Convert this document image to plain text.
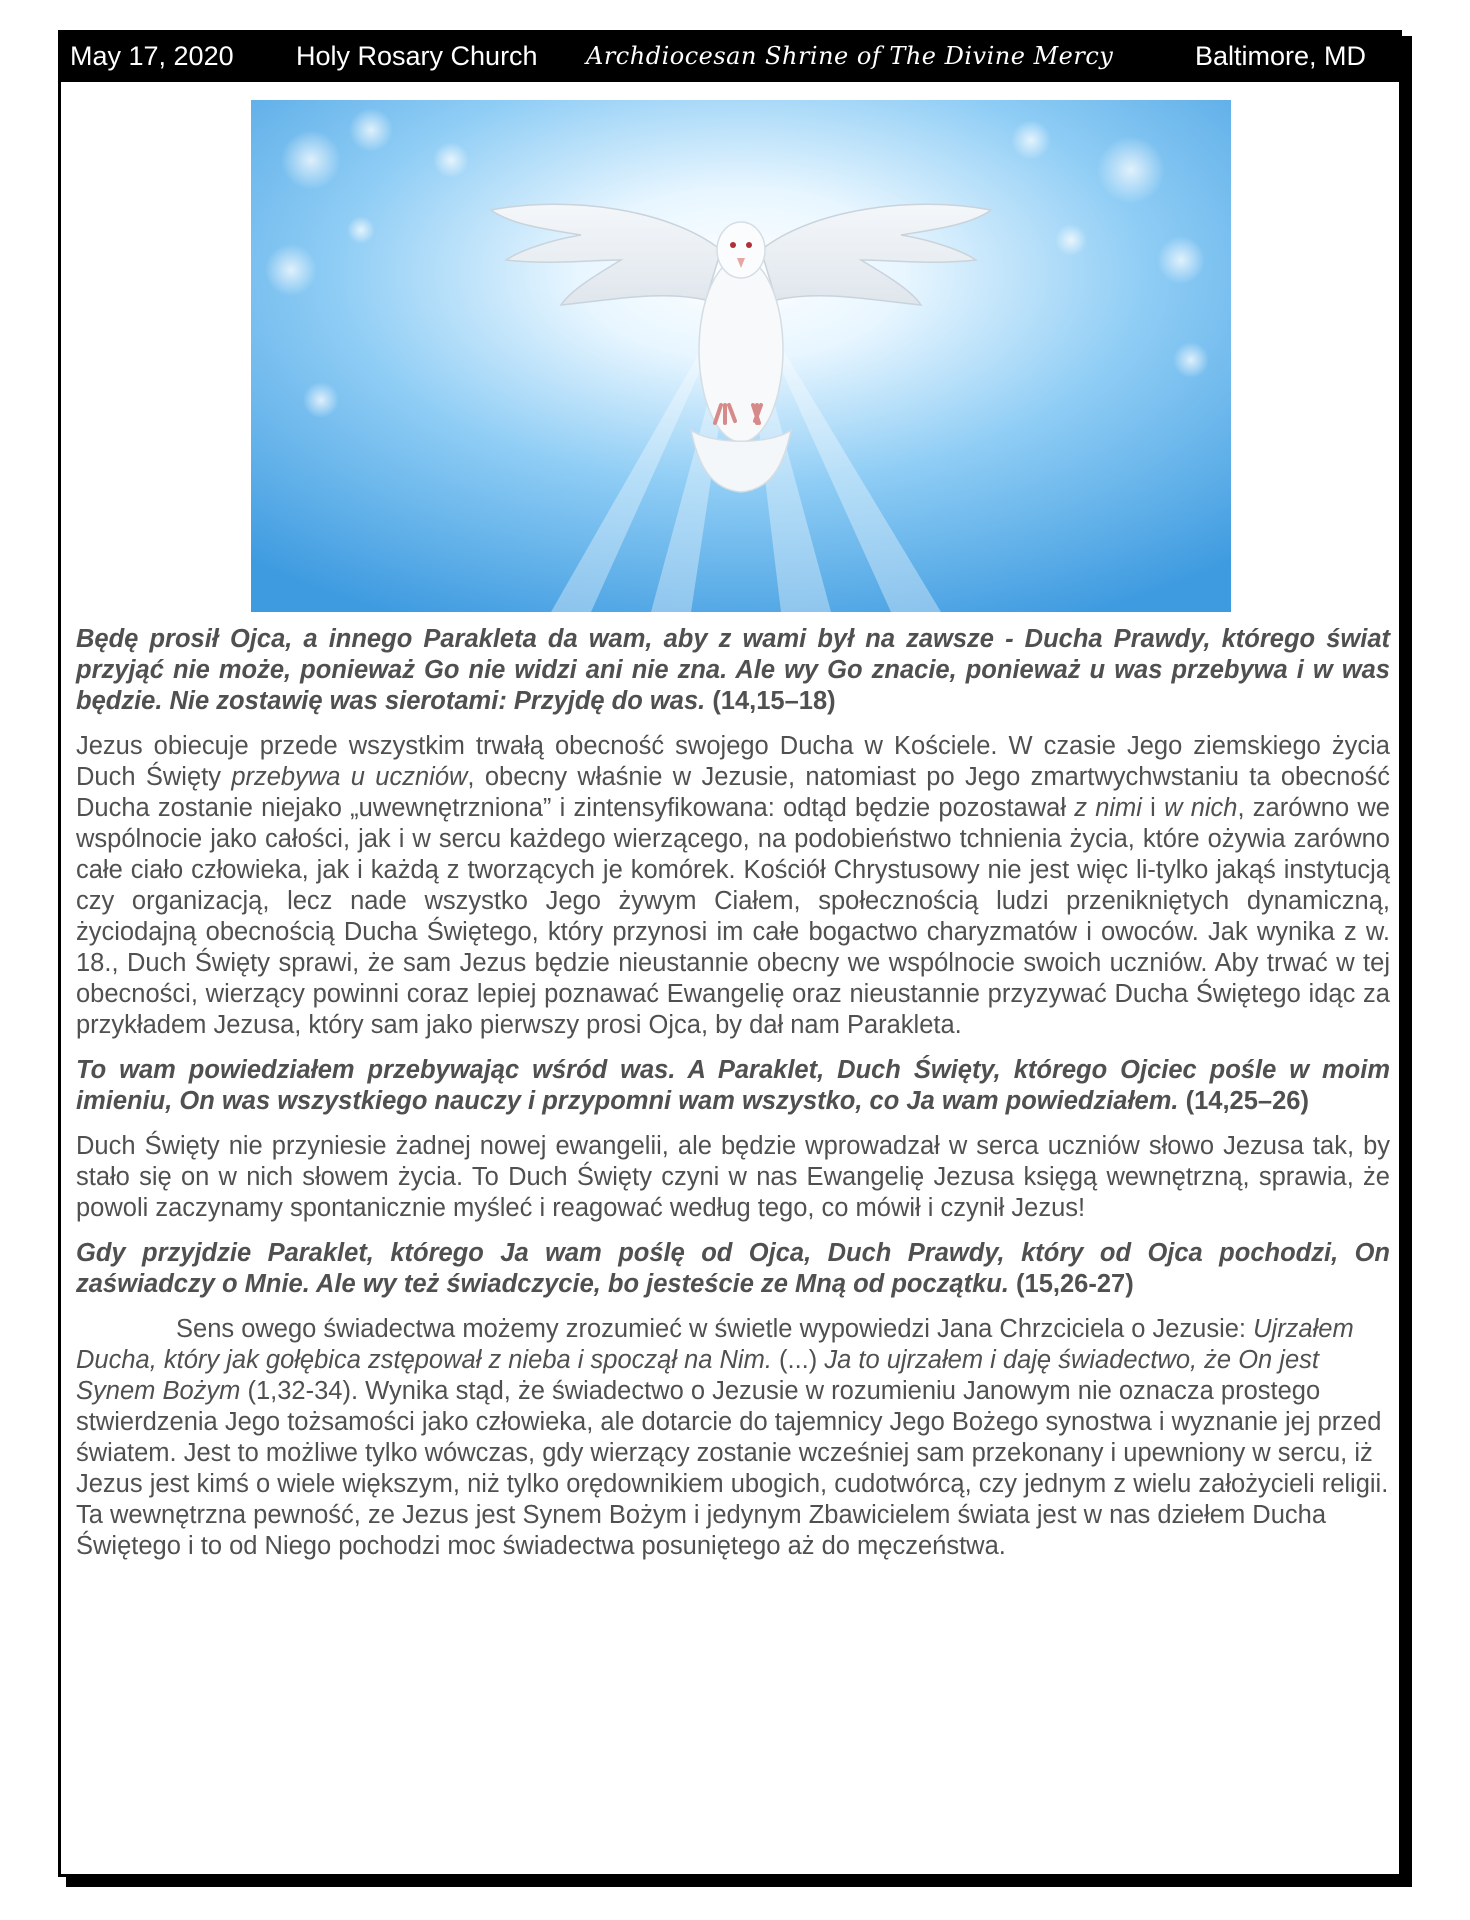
May 17, 2020 Holy Rosary Church Archdiocesan Shrine of The Divine Mercy	Baltimore, MD

Będę prosił Ojca, a innego Parakleta da wam, aby z wami był na zawsze - Ducha Prawdy, którego świat przyjąć nie może, ponieważ Go nie widzi ani nie zna. Ale wy Go znacie, ponieważ u was przebywa i w was będzie. Nie zostawię was sierotami: Przyjdę do was. (14,15–18)

Jezus obiecuje przede wszystkim trwałą obecność swojego Ducha w Kościele. W czasie Jego ziemskiego życia Duch Święty przebywa u uczniów, obecny właśnie w Jezusie, natomiast po Jego zmartwychwstaniu ta obecność Ducha zostanie niejako „uwewnętrzniona” i zintensyfikowana: odtąd będzie pozostawał z nimi i w nich, zarówno we wspólnocie jako całości, jak i w sercu każdego wierzącego, na podobieństwo tchnienia życia, które ożywia zarówno całe ciało człowieka, jak i każdą z tworzących je komórek. Kościół Chrystusowy nie jest więc li-tylko jakąś instytucją czy organizacją, lecz nade wszystko Jego żywym Ciałem, społecznością ludzi przenikniętych dynamiczną, życiodajną obecnością Ducha Świętego, który przynosi im całe bogactwo charyzmatów i owoców. Jak wynika z w. 18., Duch Święty sprawi, że sam Jezus będzie nieustannie obecny we wspólnocie swoich uczniów. Aby trwać w tej obecności, wierzący powinni coraz lepiej poznawać Ewangelię oraz nieustannie przyzywać Ducha Świętego idąc za przykładem Jezusa, który sam jako pierwszy prosi Ojca, by dał nam Parakleta.

To wam powiedziałem przebywając wśród was. A Paraklet, Duch Święty, którego Ojciec pośle w moim imieniu, On was wszystkiego nauczy i przypomni wam wszystko, co Ja wam powiedziałem. (14,25–26)

Duch Święty nie przyniesie żadnej nowej ewangelii, ale będzie wprowadzał w serca uczniów słowo Jezusa tak, by stało się on w nich słowem życia. To Duch Święty czyni w nas Ewangelię Jezusa księgą wewnętrzną, sprawia, że powoli zaczynamy spontanicznie myśleć i reagować według tego, co mówił i czynił Jezus!

Gdy przyjdzie Paraklet, którego Ja wam poślę od Ojca, Duch Prawdy, który od Ojca pochodzi, On zaświadczy o Mnie. Ale wy też świadczycie, bo jesteście ze Mną od początku. (15,26-27)

Sens owego świadectwa możemy zrozumieć w świetle wypowiedzi Jana Chrzciciela o Jezusie: Ujrzałem Ducha, który jak gołębica zstępował z nieba i spoczął na Nim. (...) Ja to ujrzałem i daję świadectwo, że On jest Synem Bożym (1,32-34). Wynika stąd, że świadectwo o Jezusie w rozumieniu Janowym nie oznacza prostego stwierdzenia Jego tożsamości jako człowieka, ale dotarcie do tajemnicy Jego Bożego synostwa i wyznanie jej przed światem. Jest to możliwe tylko wówczas, gdy wierzący zostanie wcześniej sam przekonany i upewniony w sercu, iż Jezus jest kimś o wiele większym, niż tylko orędownikiem ubogich, cudotwórcą, czy jednym z wielu założycieli religii. Ta wewnętrzna pewność, ze Jezus jest Synem Bożym i jedynym Zbawicielem świata jest w nas dziełem Ducha Świętego i to od Niego pochodzi moc świadectwa posuniętego aż do męczeństwa.
